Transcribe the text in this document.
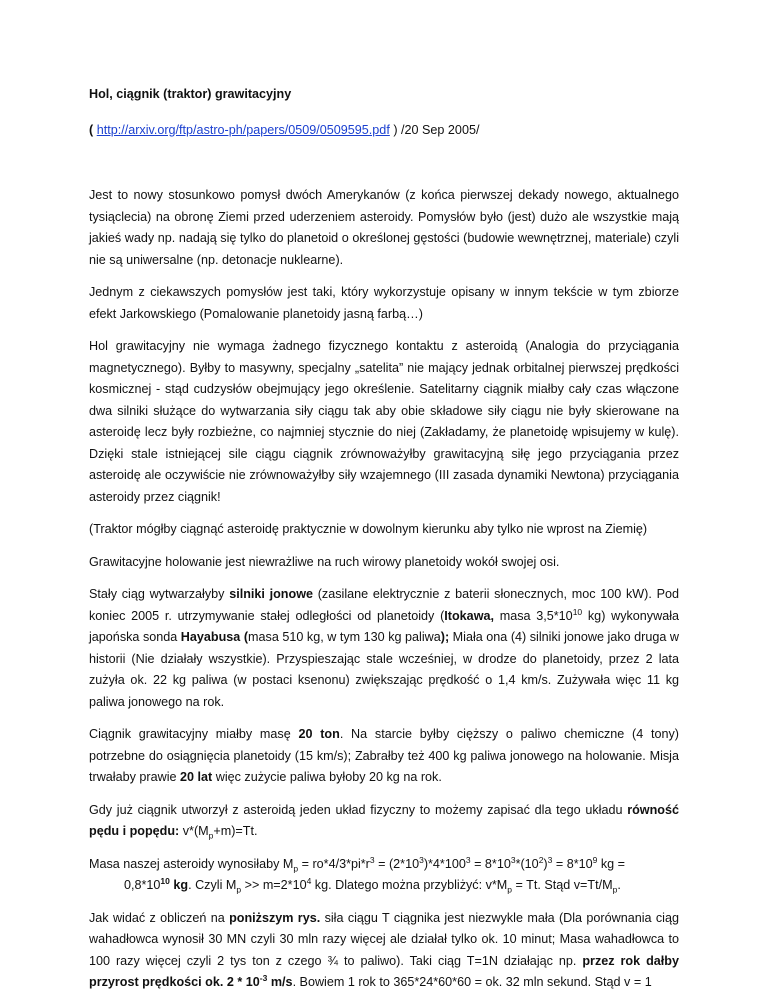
Hol, ciągnik (traktor) grawitacyjny

( http://arxiv.org/ftp/astro-ph/papers/0509/0509595.pdf ) /20 Sep 2005/

Jest to nowy stosunkowo pomysł dwóch Amerykanów (z końca pierwszej dekady nowego, aktualnego tysiąclecia) na obronę Ziemi przed uderzeniem asteroidy. Pomysłów było (jest) dużo ale wszystkie mają jakieś wady np. nadają się tylko do planetoid o określonej gęstości (budowie wewnętrznej, materiale) czyli nie są uniwersalne (np. detonacje nuklearne).

Jednym z ciekawszych pomysłów jest taki, który wykorzystuje opisany w innym tekście w tym zbiorze efekt Jarkowskiego (Pomalowanie planetoidy jasną farbą…)

Hol grawitacyjny nie wymaga żadnego fizycznego kontaktu z asteroidą (Analogia do przyciągania magnetycznego). Byłby to masywny, specjalny „satelita” nie mający jednak orbitalnej pierwszej prędkości kosmicznej - stąd cudzysłów obejmujący jego określenie. Satelitarny ciągnik miałby cały czas włączone dwa silniki służące do wytwarzania siły ciągu tak aby obie składowe siły ciągu nie były skierowane na asteroidę lecz były rozbieżne, co najmniej stycznie do niej (Zakładamy, że planetoidę wpisujemy w kulę). Dzięki stale istniejącej sile ciągu ciągnik zrównoważyłby grawitacyjną siłę jego przyciągania przez asteroidę ale oczywiście nie zrównoważyłby siły wzajemnego (III zasada dynamiki Newtona) przyciągania asteroidy przez ciągnik!

(Traktor mógłby ciągnąć asteroidę praktycznie w dowolnym kierunku aby tylko nie wprost na Ziemię)

Grawitacyjne holowanie jest niewrażliwe na ruch wirowy planetoidy wokół swojej osi.

Stały ciąg wytwarzałyby silniki jonowe (zasilane elektrycznie z baterii słonecznych, moc 100 kW). Pod koniec 2005 r. utrzymywanie stałej odległości od planetoidy (Itokawa, masa $3,5*10^{10}$ kg) wykonywała japońska sonda Hayabusa (masa 510 kg, w tym 130 kg paliwa); Miała ona (4) silniki jonowe jako druga w historii (Nie działały wszystkie). Przyspieszając stale wcześniej, w drodze do planetoidy, przez 2 lata zużyła ok. 22 kg paliwa (w postaci ksenonu) zwiększając prędkość o 1,4 km/s. Zużywała więc 11 kg paliwa jonowego na rok.

Ciągnik grawitacyjny miałby masę 20 ton. Na starcie byłby cięższy o paliwo chemiczne (4 tony) potrzebne do osiągnięcia planetoidy (15 km/s); Zabrałby też 400 kg paliwa jonowego na holowanie. Misja trwałaby prawie 20 lat więc zużycie paliwa byłoby 20 kg na rok.

Gdy już ciągnik utworzył z asteroidą jeden układ fizyczny to możemy zapisać dla tego układu równość pędu i popędu: $v*(M_p+m)=Tt$.

Masa naszej asteroidy wynosiłaby $M_p = ro*4/3*pi*r^3 = (2*10^3)*4*100^3 = 8*10^3*(10^2)^3 = 8*10^9$ kg =
$0,8*10^{10}$ kg. Czyli $M_p >> m=2*10^4$ kg. Dlatego można przybliżyć: $v*M_p = Tt$. Stąd $v=Tt/M_p$.

Jak widać z obliczeń na poniższym rys. siła ciągu T ciągnika jest niezwykle mała (Dla porównania ciąg wahadłowca wynosił 30 MN czyli 30 mln razy więcej ale działał tylko ok. 10 minut; Masa wahadłowca to 100 razy więcej czyli 2 tys ton z czego ¾ to paliwo). Taki ciąg T=1N działając np. przez rok dałby przyrost prędkości ok. $2 * 10^{-3}$ m/s. Bowiem 1 rok to 365*24*60*60 = ok. 32 mln sekund. Stąd v = 1
